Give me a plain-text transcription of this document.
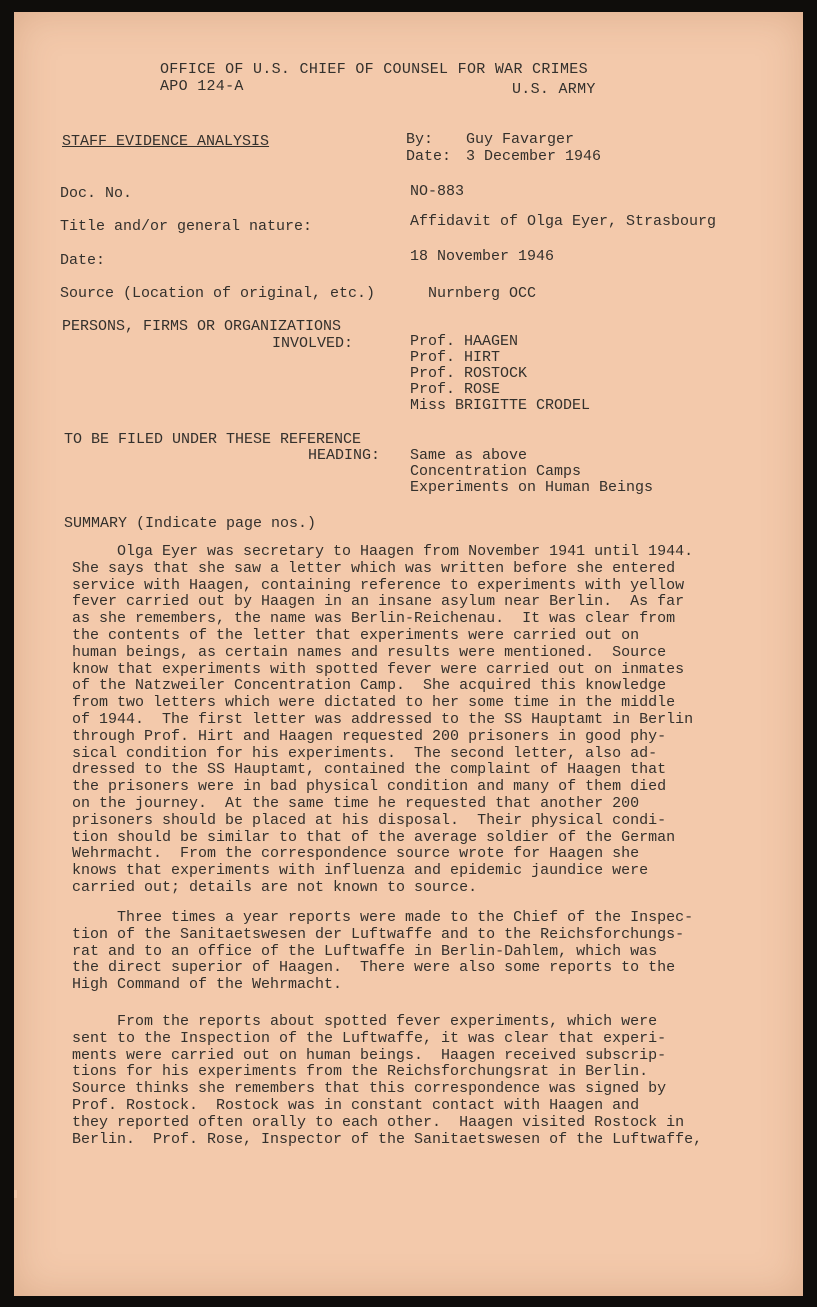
OFFICE OF U.S. CHIEF OF COUNSEL FOR WAR CRIMES
APO 124-A	U.S. ARMY
STAFF EVIDENCE ANALYSIS	By: Guy Favarger
Date: 3 December 1946
Doc. No.	NO-883
Title and/or general nature:	Affidavit of Olga Eyer, Strasbourg
Date:	18 November 1946
Source (Location of original, etc.)	Nurnberg OCC
PERSONS, FIRMS OR ORGANIZATIONS
INVOLVED:	Prof. HAAGEN
Prof. HIRT
Prof. ROSTOCK
Prof. ROSE
Miss BRIGITTE CRODEL
TO BE FILED UNDER THESE REFERENCE
HEADING: Same as above
Concentration Camps
Experiments on Human Beings
SUMMARY (Indicate page nos.)
Olga Eyer was secretary to Haagen from November 1941 until 1944.
She says that she saw a letter which was written before she entered
service with Haagen, containing reference to experiments with yellow
fever carried out by Haagen in an insane asylum near Berlin.  As far
as she remembers, the name was Berlin-Reichenau.  It was clear from
the contents of the letter that experiments were carried out on
human beings, as certain names and results were mentioned.  Source
know that experiments with spotted fever were carried out on inmates
of the Natzweiler Concentration Camp.  She acquired this knowledge
from two letters which were dictated to her some time in the middle
of 1944.  The first letter was addressed to the SS Hauptamt in Berlin
through Prof. Hirt and Haagen requested 200 prisoners in good phy-
sical condition for his experiments.  The second letter, also ad-
dressed to the SS Hauptamt, contained the complaint of Haagen that
the prisoners were in bad physical condition and many of them died
on the journey.  At the same time he requested that another 200
prisoners should be placed at his disposal.  Their physical condi-
tion should be similar to that of the average soldier of the German
Wehrmacht.  From the correspondence source wrote for Haagen she
knows that experiments with influenza and epidemic jaundice were
carried out; details are not known to source.
Three times a year reports were made to the Chief of the Inspec-
tion of the Sanitaetswesen der Luftwaffe and to the Reichsforchungs-
rat and to an office of the Luftwaffe in Berlin-Dahlem, which was
the direct superior of Haagen.  There were also some reports to the
High Command of the Wehrmacht.
From the reports about spotted fever experiments, which were
sent to the Inspection of the Luftwaffe, it was clear that experi-
ments were carried out on human beings.  Haagen received subscrip-
tions for his experiments from the Reichsforchungsrat in Berlin.
Source thinks she remembers that this correspondence was signed by
Prof. Rostock.  Rostock was in constant contact with Haagen and
they reported often orally to each other.  Haagen visited Rostock in
Berlin.  Prof. Rose, Inspector of the Sanitaetswesen of the Luftwaffe,
